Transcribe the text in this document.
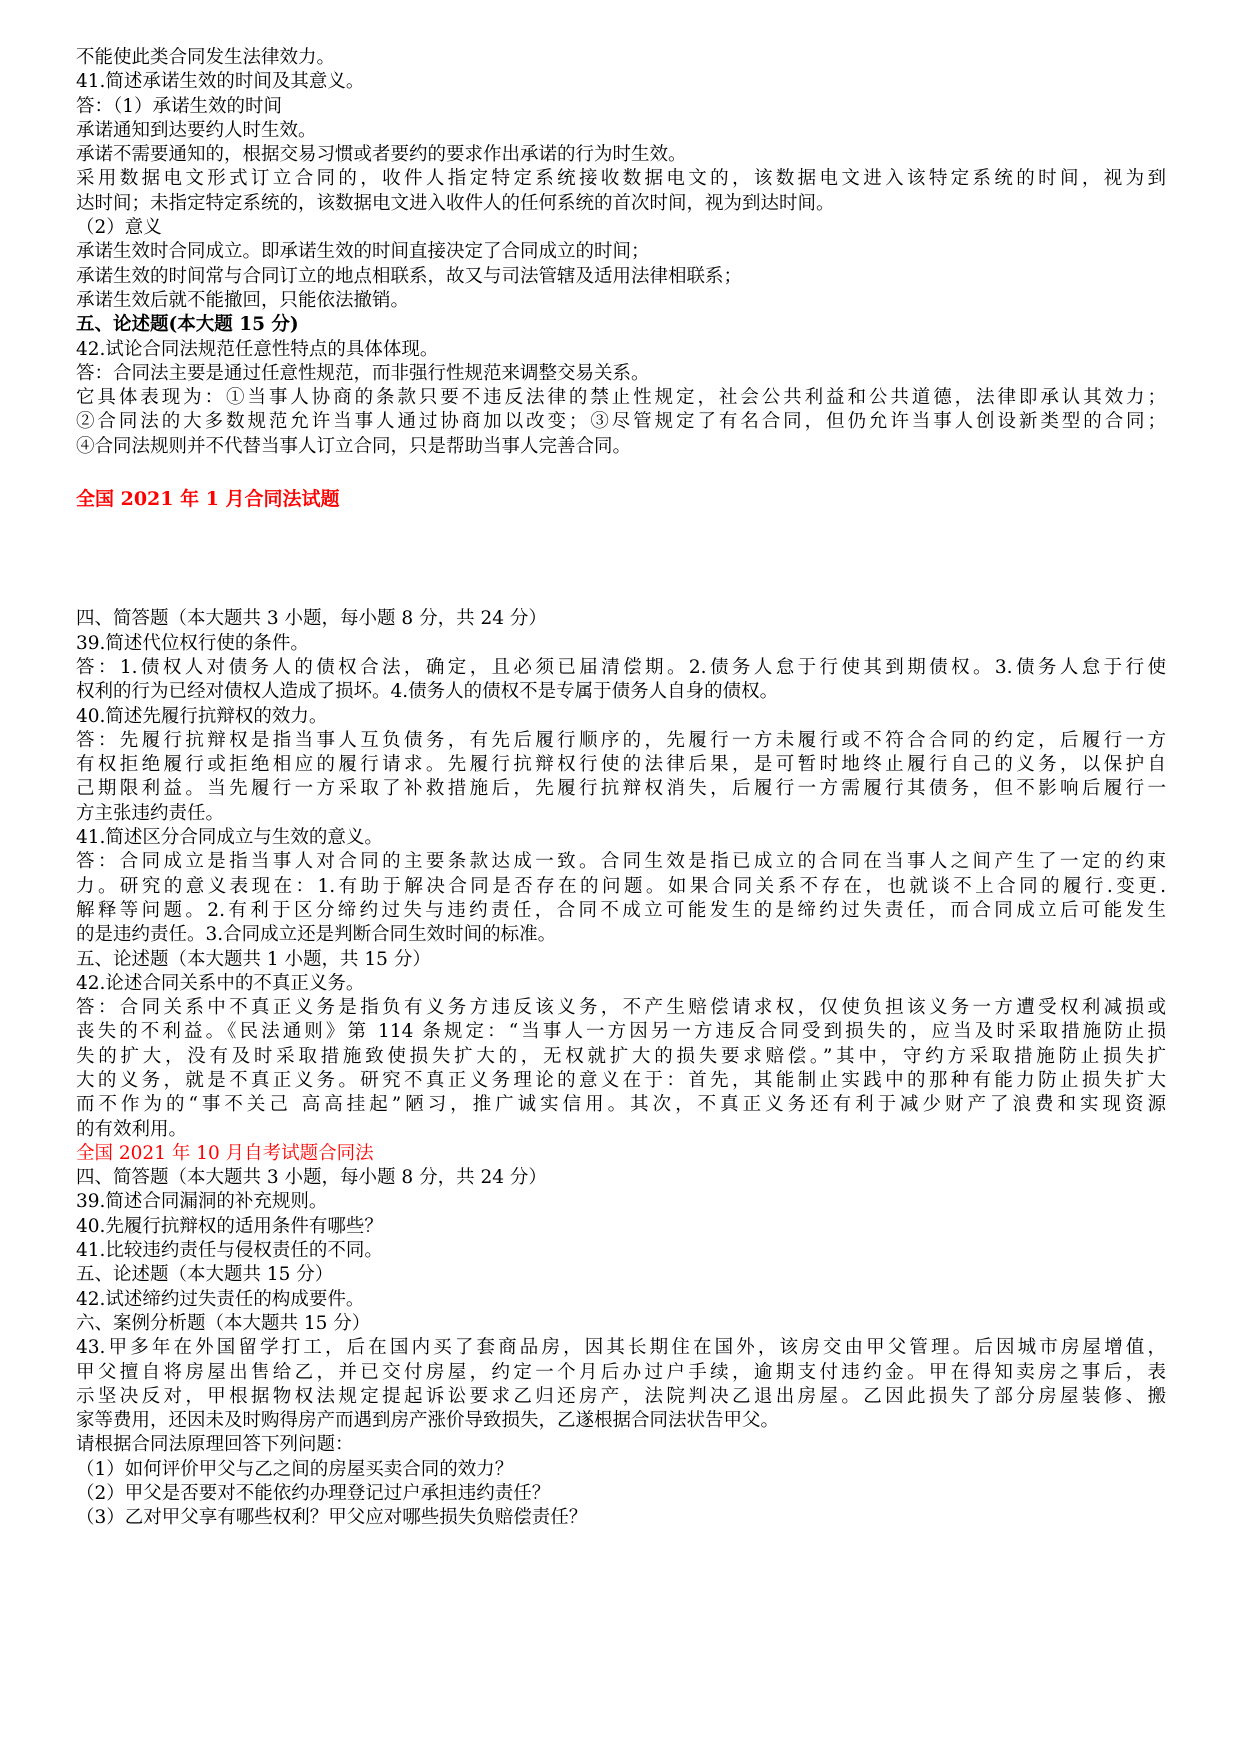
不能使此类合同发生法律效力。
41.简述承诺生效的时间及其意义。
答：（1）承诺生效的时间
承诺通知到达要约人时生效。
承诺不需要通知的，根据交易习惯或者要约的要求作出承诺的行为时生效。
采用数据电文形式订立合同的，收件人指定特定系统接收数据电文的，该数据电文进入该特定系统的时间，视为到
达时间；未指定特定系统的，该数据电文进入收件人的任何系统的首次时间，视为到达时间。
（2）意义
承诺生效时合同成立。即承诺生效的时间直接决定了合同成立的时间；
承诺生效的时间常与合同订立的地点相联系，故又与司法管辖及适用法律相联系；
承诺生效后就不能撤回，只能依法撤销。
五、论述题(本大题 15 分)
42.试论合同法规范任意性特点的具体体现。
答：合同法主要是通过任意性规范，而非强行性规范来调整交易关系。
它具体表现为：①当事人协商的条款只要不违反法律的禁止性规定，社会公共利益和公共道德，法律即承认其效力；
②合同法的大多数规范允许当事人通过协商加以改变；③尽管规定了有名合同，但仍允许当事人创设新类型的合同；
④合同法规则并不代替当事人订立合同，只是帮助当事人完善合同。
全国 2021 年 1 月合同法试题
四、简答题（本大题共 3 小题，每小题 8 分，共 24 分）
39.简述代位权行使的条件。
答：1.债权人对债务人的债权合法，确定，且必须已届清偿期。2.债务人怠于行使其到期债权。3.债务人怠于行使
权利的行为已经对债权人造成了损坏。4.债务人的债权不是专属于债务人自身的债权。
40.简述先履行抗辩权的效力。
答：先履行抗辩权是指当事人互负债务，有先后履行顺序的，先履行一方未履行或不符合合同的约定，后履行一方
有权拒绝履行或拒绝相应的履行请求。先履行抗辩权行使的法律后果，是可暂时地终止履行自己的义务，以保护自
己期限利益。当先履行一方采取了补救措施后，先履行抗辩权消失，后履行一方需履行其债务，但不影响后履行一
方主张违约责任。
41.简述区分合同成立与生效的意义。
答：合同成立是指当事人对合同的主要条款达成一致。合同生效是指已成立的合同在当事人之间产生了一定的约束
力。研究的意义表现在：1.有助于解决合同是否存在的问题。如果合同关系不存在，也就谈不上合同的履行.变更.
解释等问题。2.有利于区分缔约过失与违约责任，合同不成立可能发生的是缔约过失责任，而合同成立后可能发生
的是违约责任。3.合同成立还是判断合同生效时间的标准。
五、论述题（本大题共 1 小题，共 15 分）
42.论述合同关系中的不真正义务。
答：合同关系中不真正义务是指负有义务方违反该义务，不产生赔偿请求权，仅使负担该义务一方遭受权利减损或
丧失的不利益。《民法通则》第 114 条规定：“当事人一方因另一方违反合同受到损失的，应当及时采取措施防止损
失的扩大，没有及时采取措施致使损失扩大的，无权就扩大的损失要求赔偿。”其中，守约方采取措施防止损失扩
大的义务，就是不真正义务。研究不真正义务理论的意义在于：首先，其能制止实践中的那种有能力防止损失扩大
而不作为的“事不关己 高高挂起”陋习，推广诚实信用。其次，不真正义务还有利于减少财产了浪费和实现资源
的有效利用。
全国 2021 年 10 月自考试题合同法
四、简答题（本大题共 3 小题，每小题 8 分，共 24 分）
39.简述合同漏洞的补充规则。
40.先履行抗辩权的适用条件有哪些？
41.比较违约责任与侵权责任的不同。
五、论述题（本大题共 15 分）
42.试述缔约过失责任的构成要件。
六、案例分析题（本大题共 15 分）
43.甲多年在外国留学打工，后在国内买了套商品房，因其长期住在国外，该房交由甲父管理。后因城市房屋增值，
甲父擅自将房屋出售给乙，并已交付房屋，约定一个月后办过户手续，逾期支付违约金。甲在得知卖房之事后，表
示坚决反对，甲根据物权法规定提起诉讼要求乙归还房产，法院判决乙退出房屋。乙因此损失了部分房屋装修、搬
家等费用，还因未及时购得房产而遇到房产涨价导致损失，乙遂根据合同法状告甲父。
请根据合同法原理回答下列问题：
（1）如何评价甲父与乙之间的房屋买卖合同的效力？
（2）甲父是否要对不能依约办理登记过户承担违约责任？
（3）乙对甲父享有哪些权利？甲父应对哪些损失负赔偿责任？
